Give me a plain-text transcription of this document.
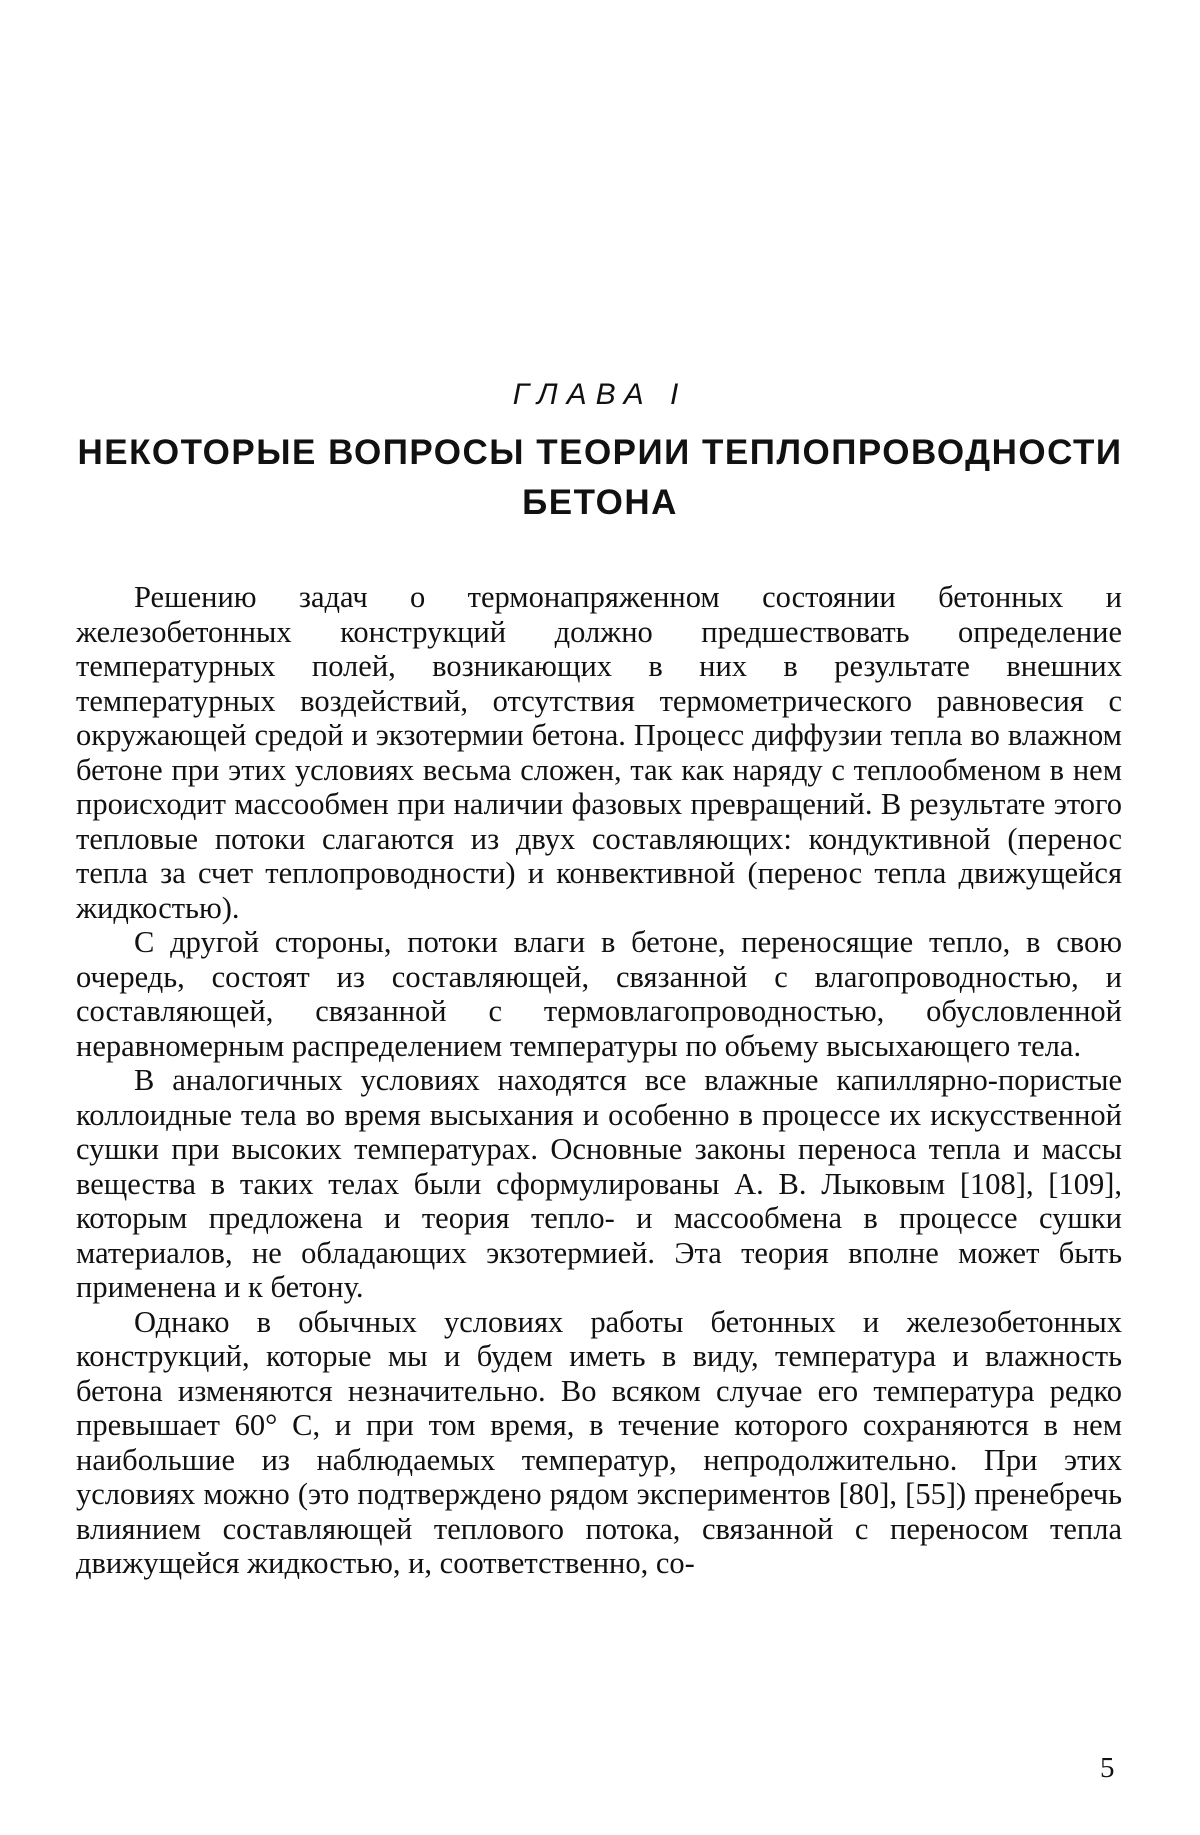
ГЛАВА I
НЕКОТОРЫЕ ВОПРОСЫ ТЕОРИИ ТЕПЛОПРОВОДНОСТИ
БЕТОНА

Решению задач о термонапряженном состоянии бетонных и железобетонных конструкций должно предшествовать определение температурных полей, возникающих в них в результате внешних температурных воздействий, отсутствия термометрического равновесия с окружающей средой и экзотермии бетона. Процесс диффузии тепла во влажном бетоне при этих условиях весьма сложен, так как наряду с теплообменом в нем происходит массообмен при наличии фазовых превращений. В результате этого тепловые потоки слагаются из двух составляющих: кондуктивной (перенос тепла за счет теплопроводности) и конвективной (перенос тепла движущейся жидкостью).

С другой стороны, потоки влаги в бетоне, переносящие тепло, в свою очередь, состоят из составляющей, связанной с влагопроводностью, и составляющей, связанной с термовлагопроводностью, обусловленной неравномерным распределением температуры по объему высыхающего тела.

В аналогичных условиях находятся все влажные капиллярно-пористые коллоидные тела во время высыхания и особенно в процессе их искусственной сушки при высоких температурах. Основные законы переноса тепла и массы вещества в таких телах были сформулированы А. В. Лыковым [108], [109], которым предложена и теория тепло- и массообмена в процессе сушки материалов, не обладающих экзотермией. Эта теория вполне может быть применена и к бетону.

Однако в обычных условиях работы бетонных и железобетонных конструкций, которые мы и будем иметь в виду, температура и влажность бетона изменяются незначительно. Во всяком случае его температура редко превышает 60° С, и при том время, в течение которого сохраняются в нем наибольшие из наблюдаемых температур, непродолжительно. При этих условиях можно (это подтверждено рядом экспериментов [80], [55]) пренебречь влиянием составляющей теплового потока, связанной с переносом тепла движущейся жидкостью, и, соответственно, со-

5
